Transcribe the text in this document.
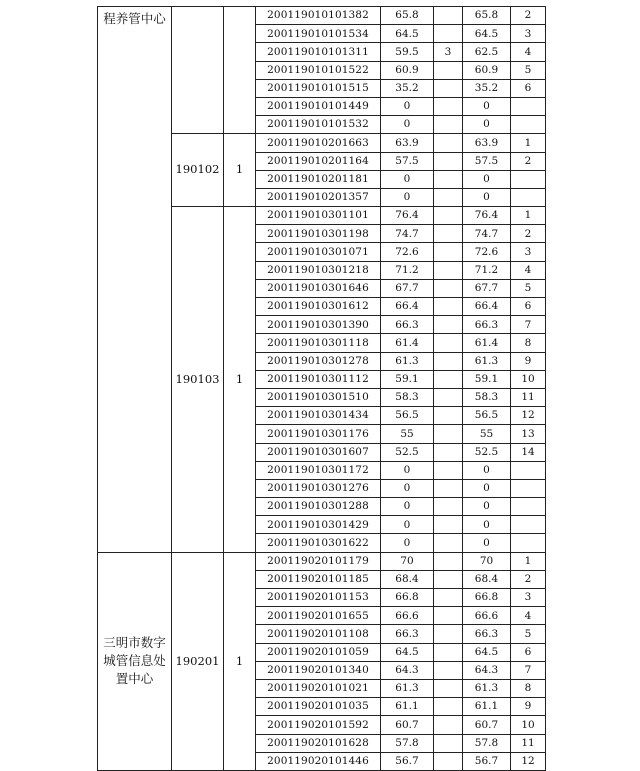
程养管中心			200119010101382	65.8		65.8	2
			200119010101534	64.5		64.5	3
			200119010101311	59.5	3	62.5	4
			200119010101522	60.9		60.9	5
			200119010101515	35.2		35.2	6
			200119010101449	0		0	
			200119010101532	0		0	
	190102	1	200119010201663	63.9		63.9	1
			200119010201164	57.5		57.5	2
			200119010201181	0		0	
			200119010201357	0		0	
	190103	1	200119010301101	76.4		76.4	1
			200119010301198	74.7		74.7	2
			200119010301071	72.6		72.6	3
			200119010301218	71.2		71.2	4
			200119010301646	67.7		67.7	5
			200119010301612	66.4		66.4	6
			200119010301390	66.3		66.3	7
			200119010301118	61.4		61.4	8
			200119010301278	61.3		61.3	9
			200119010301112	59.1		59.1	10
			200119010301510	58.3		58.3	11
			200119010301434	56.5		56.5	12
			200119010301176	55		55	13
			200119010301607	52.5		52.5	14
			200119010301172	0		0	
			200119010301276	0		0	
			200119010301288	0		0	
			200119010301429	0		0	
			200119010301622	0		0	
三明市数字城管信息处置中心	190201	1	200119020101179	70		70	1
			200119020101185	68.4		68.4	2
			200119020101153	66.8		66.8	3
			200119020101655	66.6		66.6	4
			200119020101108	66.3		66.3	5
			200119020101059	64.5		64.5	6
			200119020101340	64.3		64.3	7
			200119020101021	61.3		61.3	8
			200119020101035	61.1		61.1	9
			200119020101592	60.7		60.7	10
			200119020101628	57.8		57.8	11
			200119020101446	56.7		56.7	12
